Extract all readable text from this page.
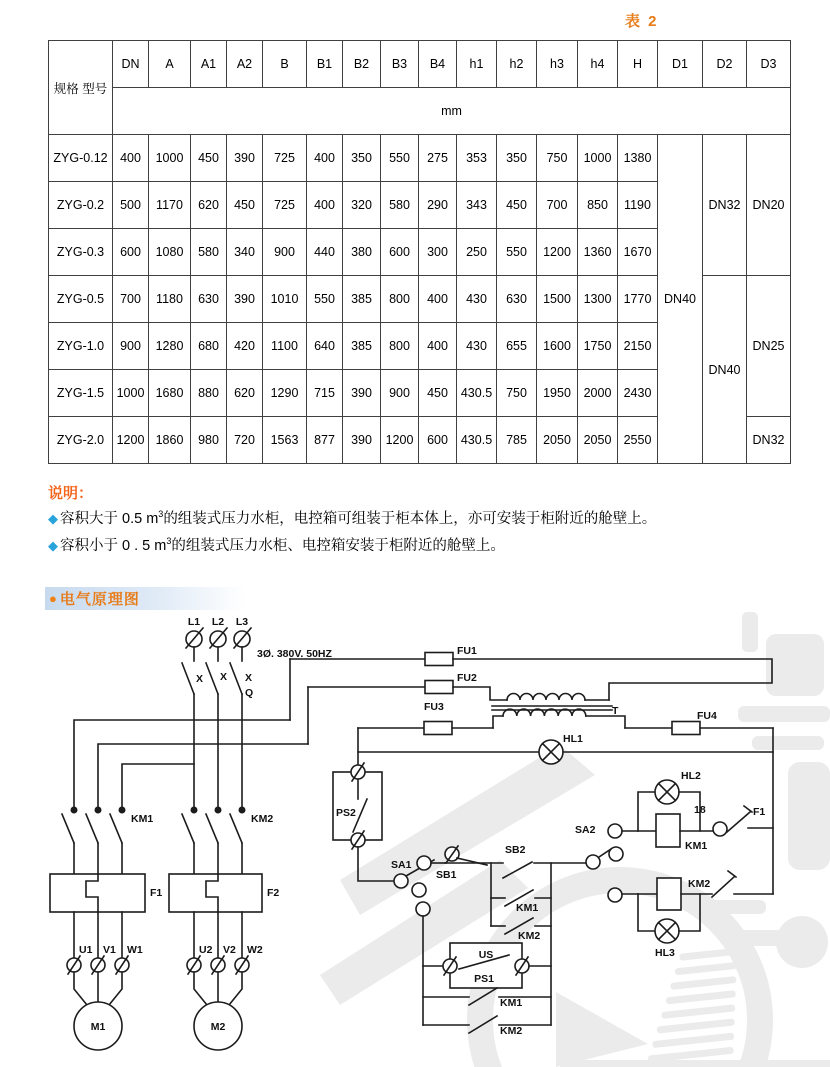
表 2
规格 型号	DN	A	A1	A2	B	B1	B2	B3	B4	h1	h2	h3	h4	H	D1	D2	D3
	mm																
ZYG-0.12	400	1000	450	390	725	400	350	550	275	353	350	750	1000	1380	DN40	DN32	DN20
ZYG-0.2	500	1170	620	450	725	400	320	580	290	343	450	700	850	1190			
ZYG-0.3	600	1080	580	340	900	440	380	600	300	250	550	1200	1360	1670			
ZYG-0.5	700	1180	630	390	1010	550	385	800	400	430	630	1500	1300	1770		DN40	DN25
ZYG-1.0	900	1280	680	420	1100	640	385	800	400	430	655	1600	1750	2150			
ZYG-1.5	1000	1680	880	620	1290	715	390	900	450	430.5	750	1950	2000	2430			
ZYG-2.0	1200	1860	980	720	1563	877	390	1200	600	430.5	785	2050	2050	2550			DN32
说明：
◆ 容积大于 0.5 $m^3$的组装式压力水柜，电控箱可组装于柜本体上，亦可安装于柜附近的舱壁上。
◆ 容积小于 0 . 5 $m^3$的组装式压力水柜、电控箱安装于柜附近的舱壁上。
● 电气原理图
L1 L2 L3
3Ø. 380V. 50HZ
X X X
Q
KM1	KM2
F1	F2
U1 V1 W1
M1
U2 V2 W2
M2
FU1
FU2
FU3
FU4
T
HL1
PS2
SA1
SB1
SB2
KM1
KM2
SA2
HL2
KM1
18	F1
KM2
HL3
US
PS1
KM1
KM2
